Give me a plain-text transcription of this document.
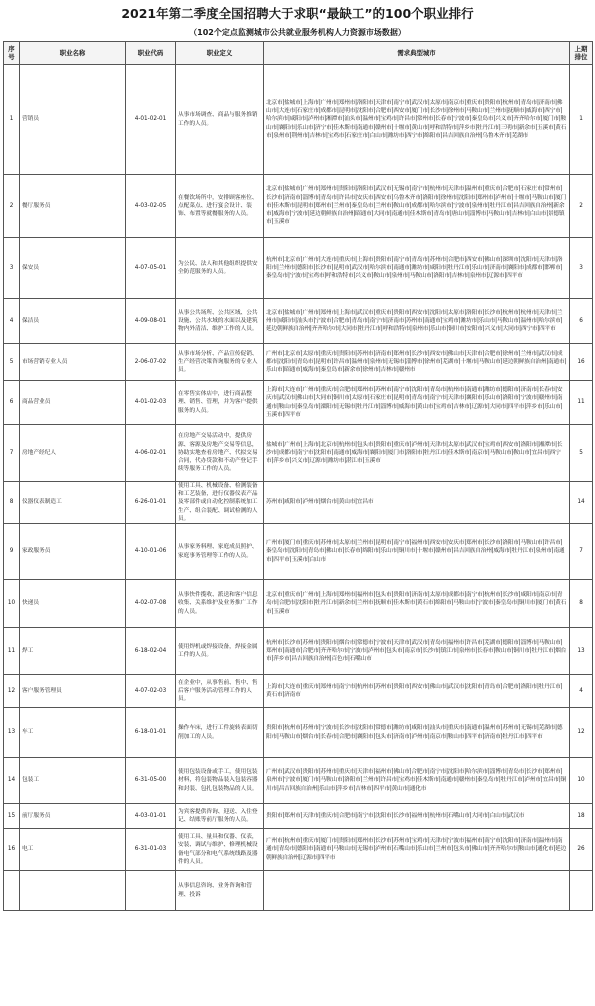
2021年第二季度全国招聘大于求职“最缺工”的100个职业排行
（102个定点监测城市公共就业服务机构人力资源市场数据）
序号	职业名称	职业代码	职业定义	需求典型城市	上期排位
1	营销员	4-01-02-01	从事市场调查、商品与服务推销工作的人员。	北京市|盐城市|上海市|广州市|郑州市|洛阳市|天津市|南宁市|武汉市|太原市|南京市|重庆市|贵阳市|杭州市|青岛市|济南市|佛山市|大连市|石家庄市|成都市|昆明市|沈阳市|合肥市|西安市|厦门市|长沙市|徐州市|马鞍山市|兰州市|抚顺市|威海市|西宁市|哈尔滨市|咸阳市|泸州市|湘潭市|汕头市|温州市|宝鸡市|许昌市|常州市|长春市|宁波市|秦皇岛市|兴义市|齐齐哈尔市|厦门市|鞍山市|襄阳市|乐山市|济宁市|佳木斯市|南通市|赣州市|十堰市|黄山市|呼和浩特市|萍乡市|牡丹江市|三明市|新余市|玉溪市|黄石市|泉州市|荆州市|吉林市|宝鸡市|石家庄市|白山市|潍坊市|西宁市|绵阳市|昌吉回族自治州|乌鲁木齐市|芜湖市	1
2	餐厅服务员	4-03-02-05	在餐饮场所中，安排顾客座位、点配菜点、进行宴会设计、装饰、布置等就餐服务的人员。	北京市|盐城市|广州市|郑州市|贵阳市|洛阳市|武汉市|无锡市|南宁市|杭州市|天津市|温州市|重庆市|合肥市|石家庄市|常州市|长沙市|济南市|淄博市|青岛市|许昌市|安庆市|西安市|乌鲁木齐市|洛阳市|徐州市|沈阳市|郑州市|泸州市|十堰市|马鞍山市|厦门市|佳木斯市|昆明市|郑州市|兰州市|秦皇岛市|兰州市|鞍山市|成都市|哈尔滨市|宁波市|泉州市|牡丹江市|昌吉回族自治州|新余市|威海市|宁波市|延边朝鲜族自治州|昭通市|大同市|南通市|佳木斯市|青岛市|唐山市|淄博市|马鞍山市|吉林市|白山市|景德镇市|玉溪市	2
3	保安员	4-07-05-01	为公民、法人和其他组织提供安全防范服务的人员。	杭州市|北京市|广州市|大连市|重庆市|上海市|贵阳市|南宁市|青岛市|苏州市|合肥市|西安市|佛山市|深圳市|沈阳市|天津市|洛阳市|兰州市|德阳市|长沙市|昆明市|武汉市|哈尔滨市|南通市|潍坊市|咸阳市|牡丹江市|乐山市|济南市|襄阳市|成都市|邯郸市|秦皇岛市|宁波市|宝鸡市|呼和浩特市|兴义市|鞍山市|泉州市|马鞍山市|洛阳市|吉林市|泉州市|辽源市|四平市	3
4	保洁员	4-09-08-01	从事公共场所、公共区域、公共设施、公共水域的水面以及建筑物内外清洁、维护工作的人员。	北京市|盐城市|广州市|郑州市|上海市|武汉市|重庆市|贵阳市|西安市|沈阳市|太原市|洛阳市|长沙市|杭州市|杭州市|天津市|兰州市|咸阳市|汕头市|宁波市|合肥市|青岛市|南宁市|济南市|苏州市|南通市|宝鸡市|潍坊市|乐山市|马鞍山市|温州市|哈尔滨市|延边朝鲜族自治州|齐齐哈尔市|大同市|牡丹江市|呼和浩特市|泉州市|乐山市|铜川市|安阳市|兴义市|大同市|西宁市|四平市	6
5	市场营销专业人员	2-06-07-02	从事市场分析、产品宣传促销、生产经营决策咨询服务的专业人员。	广州市|北京市|太原市|重庆市|贵阳市|苏州市|济南市|郑州市|长沙市|西安市|佛山市|天津市|合肥市|徐州市|兰州市|武汉市|成都市|沈阳市|青岛市|昆明市|许昌市|温州市|泉州市|无锡市|淄博市|徐州市|芜湖市|十堰市|马鞍山市|延边朝鲜族自治州|南通市|乐山市|昭通市|威海市|秦皇岛市|新余市|徐州市|吉林市|赣州市	16
6	商品营业员	4-01-02-03	在零售实体店中，进行商品整理、销售、管理，并为客户提供服务的人员。	上海市|大连市|广州市|重庆市|合肥市|郑州市|苏州市|南宁市|沈阳市|青岛市|杭州市|南通市|潍坊市|德阳市|济南市|长春市|安庆市|武汉市|佛山市|大同市|铜川市|太原市|石家庄市|昆明市|青岛市|南宁市|天津市|襄阳市|乐山市|洛阳市|宁波市|赣州市|南通市|鞍山市|秦皇岛市|溧阳市|无锡市|牡丹江市|淄博市|威海市|黄山市|宝鸡市|吉林市|辽源市|大同市|四平市|萍乡市|乐山市|玉溪市|四平市	11
7	房地产经纪人	4-06-02-01	在房地产交易活动中，提供房源、客源及房地产交易等信息，协助实地查看房地产、代拟交易合同，代办贷款和不动产登记手续等服务工作的人员。	盐城市|广州市|上海市|北京市|杭州市|包头市|贵阳市|重庆市|泸州市|天津市|太原市|武汉市|宝鸡市|西安市|洛阳市|湘潭市|长沙市|成都市|南宁市|沈阳市|南通市|威海市|襄阳市|厦门市|洛阳市|牡丹江市|佳木斯市|南京市|马鞍山市|鞍山市|宜昌市|西宁市|萍乡市|兴义市|辽源市|潍坊市|湛江市|玉溪市	5
8	仪器仪表制造工	6-26-01-01	使用工具、机械设备、检测装备和工艺装备，进行仪器仪表产品及零部件或自动化控制系统加工生产、组合装配、调试检测的人员。	苏州市|咸阳市|泸州市|烟台市|黄山市|宜昌市	14
9	家政服务员	4-10-01-06	从事家务料理、家庭成员照护、家庭事务管理等工作的人员。	广州市|厦门市|重庆市|苏州市|太原市|兰州市|昆明市|南宁市|福州市|西安市|安庆市|郑州市|长沙市|洛阳市|马鞍山市|许昌市|秦皇岛市|沈阳市|青岛市|佛山市|长春市|绵阳市|乐山市|铜川市|十堰市|赣州市|昌吉回族自治州|威海市|牡丹江市|泉州市|南通市|四平市|玉溪市|白山市	7
10	快递员	4-02-07-08	从事快件揽收、派送和客户信息收集、关系维护及业务推广工作的人员。	北京市|重庆市|广州市|上海市|郑州市|福州市|包头市|贵阳市|济南市|太原市|成都市|南宁市|杭州市|长沙市|咸阳市|南京市|青岛市|合肥市|沈阳市|牡丹江市|新余市|兰州市|抚顺市|佳木斯市|黄石市|绵阳市|马鞍山市|宁波市|秦皇岛市|铜川市|厦门市|黄石市|玉溪市	8
11	焊工	6-18-02-04	使用焊机或焊接设备，焊接金属工件的人员。	杭州市|长沙市|苏州市|贵阳市|烟台市|常德市|宁波市|天津市|武汉市|青岛市|福州市|许昌市|芜湖市|德阳市|淄博市|马鞍山市|郑州市|南通市|合肥市|齐齐哈尔市|宁波市|泸州市|包头市|南京市|长沙市|镇江市|泉州市|长春市|鞍山市|铜川市|牡丹江市|烟台市|萍乡市|昌吉回族自治州|百色市|石嘴山市	13
12	客户服务管理员	4-07-02-03	在企业中，从事售前、售中、售后客户服务活动管理工作的人员。	上海市|大连市|重庆市|郑州市|南宁市|杭州市|苏州市|贵阳市|西安市|佛山市|武汉市|沈阳市|青岛市|合肥市|洛阳市|牡丹江市|黄石市|济南市	4
13	车工	6-18-01-01	操作车床，进行工件旋转表面切削加工的人员。	贵阳市|杭州市|苏州市|宁波市|长沙市|沈阳市|常德市|潍坊市|咸阳市|汕头市|重庆市|南通市|温州市|苏州市|无锡市|芜湖市|德阳市|马鞍山市|烟台市|长春市|合肥市|襄阳市|包头市|济南市|泸州市|南京市|鞍山市|四平市|济南市|牡丹江市|四平市	12
14	包装工	6-31-05-00	使用包装设备或手工，使用包装材料，将包装物品装入包装容器和封装、包扎包装物品的人员。	广州市|武汉市|贵阳市|苏州市|重庆市|天津市|福州市|佛山市|合肥市|南宁市|沈阳市|哈尔滨市|淄博市|青岛市|长沙市|郑州市|泉州市|宁波市|厦门市|马鞍山市|洛阳市|兰州市|许昌市|宝鸡市|佳木斯市|南通市|赣州市|秦皇岛市|牡丹江市|泸州市|宜昌市|铜川市|昌吉回族自治州|乐山市|萍乡市|吉林市|四平市|黄山市|通化市	10
15	前厅服务员	4-03-01-01	为宾客提供咨询、迎送、入住登记、结账等前厅服务的人员。	贵阳市|郑州市|天津市|重庆市|合肥市|南宁市|沈阳市|长沙市|福州市|杭州市|石嘴山市|大同市|白山市|武汉市	18
16	电工	6-31-01-03	使用工具、量具和仪器、仪表，安装、调试与维护、修理机械设备电气部分和电气系统线路及器件的人员。	广州市|杭州市|重庆市|厦门市|贵阳市|郑州市|长沙市|苏州市|宝鸡市|天津市|宁波市|福州市|南宁市|沈阳市|济南市|温州市|南通市|青岛市|德阳市|南通市|马鞍山市|无锡市|泸州市|石嘴山市|乐山市|兰州市|包头市|佛山市|齐齐哈尔市|鞍山市|通化市|延边朝鲜族自治州|辽源市|四平市	26
			从事信息咨询、业务咨询和管理、投诉		
